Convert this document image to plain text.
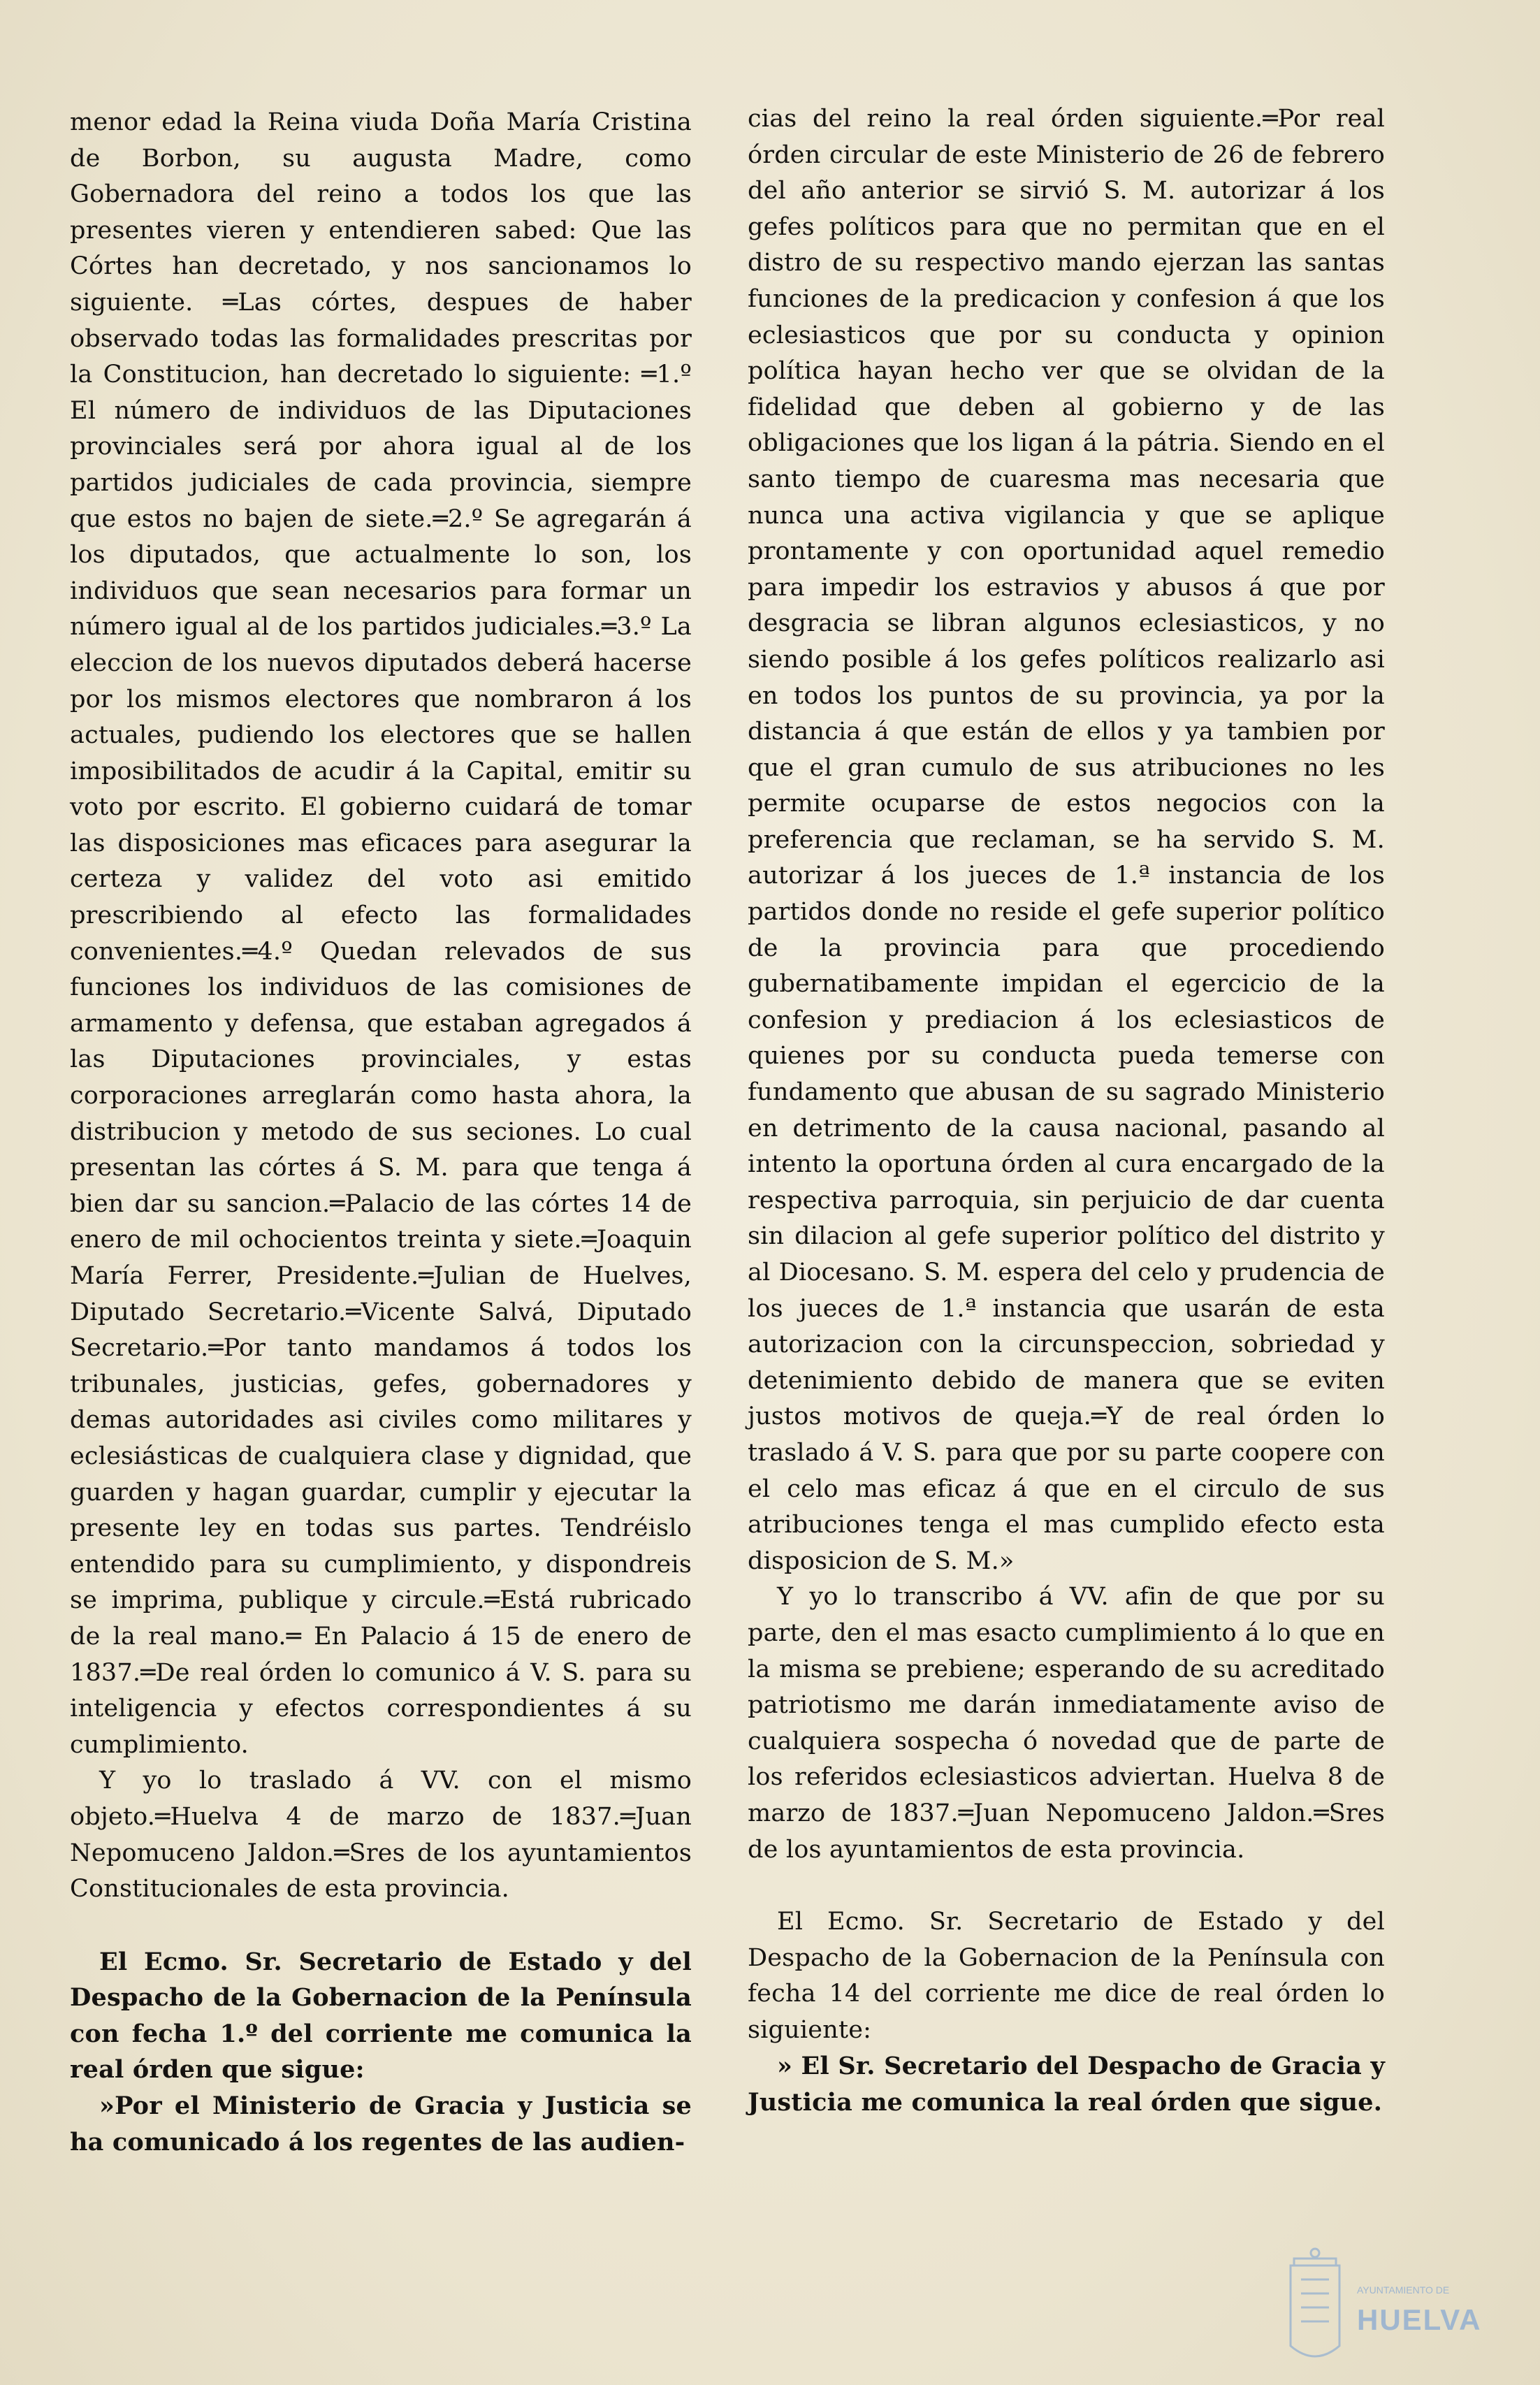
menor edad la Reina viuda Doña María Cristina de Borbon, su augusta Madre, como Gobernadora del reino a todos los que las presentes vieren y entendieren sabed: Que las Córtes han decretado, y nos sancionamos lo siguiente. ═Las córtes, despues de haber observado todas las formalidades prescritas por la Constitucion, han decretado lo siguiente: ═1.º El número de individuos de las Diputaciones provinciales será por ahora igual al de los partidos judiciales de cada provincia, siempre que estos no bajen de siete.═2.º Se agregarán á los diputados, que actualmente lo son, los individuos que sean necesarios para formar un número igual al de los partidos judiciales.═3.º La eleccion de los nuevos diputados deberá hacerse por los mismos electores que nombraron á los actuales, pudiendo los electores que se hallen imposibilitados de acudir á la Capital, emitir su voto por escrito. El gobierno cuidará de tomar las disposiciones mas eficaces para asegurar la certeza y validez del voto asi emitido prescribiendo al efecto las formalidades convenientes.═4.º Quedan relevados de sus funciones los individuos de las comisiones de armamento y defensa, que estaban agregados á las Diputaciones provinciales, y estas corporaciones arreglarán como hasta ahora, la distribucion y metodo de sus seciones. Lo cual presentan las córtes á S. M. para que tenga á bien dar su sancion.═Palacio de las córtes 14 de enero de mil ochocientos treinta y siete.═Joaquin María Ferrer, Presidente.═Julian de Huelves, Diputado Secretario.═Vicente Salvá, Diputado Secretario.═Por tanto mandamos á todos los tribunales, justicias, gefes, gobernadores y demas autoridades asi civiles como militares y eclesiásticas de cualquiera clase y dignidad, que guarden y hagan guardar, cumplir y ejecutar la presente ley en todas sus partes. Tendréislo entendido para su cumplimiento, y dispondreis se imprima, publique y circule.═Está rubricado de la real mano.═ En Palacio á 15 de enero de 1837.═De real órden lo comunico á V. S. para su inteligencia y efectos correspondientes á su cumplimiento.

Y yo lo traslado á VV. con el mismo objeto.═Huelva 4 de marzo de 1837.═Juan Nepomuceno Jaldon.═Sres de los ayuntamientos Constitucionales de esta provincia.

El Ecmo. Sr. Secretario de Estado y del Despacho de la Gobernacion de la Península con fecha 1.º del corriente me comunica la real órden que sigue:

»Por el Ministerio de Gracia y Justicia se ha comunicado á los regentes de las audien-

cias del reino la real órden siguiente.═Por real órden circular de este Ministerio de 26 de febrero del año anterior se sirvió S. M. autorizar á los gefes políticos para que no permitan que en el distro de su respectivo mando ejerzan las santas funciones de la predicacion y confesion á que los eclesiasticos que por su conducta y opinion política hayan hecho ver que se olvidan de la fidelidad que deben al gobierno y de las obligaciones que los ligan á la pátria. Siendo en el santo tiempo de cuaresma mas necesaria que nunca una activa vigilancia y que se aplique prontamente y con oportunidad aquel remedio para impedir los estravios y abusos á que por desgracia se libran algunos eclesiasticos, y no siendo posible á los gefes políticos realizarlo asi en todos los puntos de su provincia, ya por la distancia á que están de ellos y ya tambien por que el gran cumulo de sus atribuciones no les permite ocuparse de estos negocios con la preferencia que reclaman, se ha servido S. M. autorizar á los jueces de 1.ª instancia de los partidos donde no reside el gefe superior político de la provincia para que procediendo gubernatibamente impidan el egercicio de la confesion y prediacion á los eclesiasticos de quienes por su conducta pueda temerse con fundamento que abusan de su sagrado Ministerio en detrimento de la causa nacional, pasando al intento la oportuna órden al cura encargado de la respectiva parroquia, sin perjuicio de dar cuenta sin dilacion al gefe superior político del distrito y al Diocesano. S. M. espera del celo y prudencia de los jueces de 1.ª instancia que usarán de esta autorizacion con la circunspeccion, sobriedad y detenimiento debido de manera que se eviten justos motivos de queja.═Y de real órden lo traslado á V. S. para que por su parte coopere con el celo mas eficaz á que en el circulo de sus atribuciones tenga el mas cumplido efecto esta disposicion de S. M.»

Y yo lo transcribo á VV. afin de que por su parte, den el mas esacto cumplimiento á lo que en la misma se prebiene; esperando de su acreditado patriotismo me darán inmediatamente aviso de cualquiera sospecha ó novedad que de parte de los referidos eclesiasticos adviertan. Huelva 8 de marzo de 1837.═Juan Nepomuceno Jaldon.═Sres de los ayuntamientos de esta provincia.

El Ecmo. Sr. Secretario de Estado y del Despacho de la Gobernacion de la Península con fecha 14 del corriente me dice de real órden lo siguiente:

» El Sr. Secretario del Despacho de Gracia y Justicia me comunica la real órden que sigue.

AYUNTAMIENTO DE
HUELVA
